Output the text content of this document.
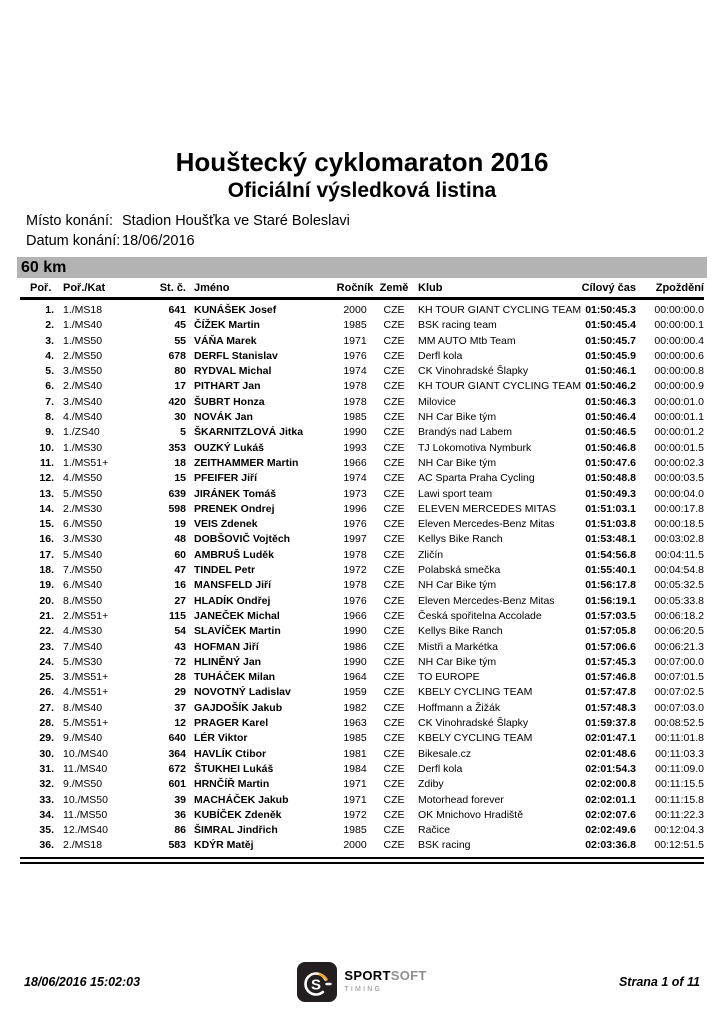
Houštecký cyklomaraton 2016
Oficiální výsledková listina
Místo konání: Stadion Houšťka ve Staré Boleslavi
Datum konání: 18/06/2016
60 km
Poř.	Poř./Kat	St. č.	Jméno	Ročník	Země	Klub	Cílový čas	Zpoždění
1.	1./MS18	641	KUNÁŠEK Josef	2000	CZE	KH TOUR GIANT CYCLING TEAM	01:50:45.3	00:00:00.0
2.	1./MS40	45	ČÍŽEK Martin	1985	CZE	BSK racing team	01:50:45.4	00:00:00.1
3.	1./MS50	55	VÁŇA Marek	1971	CZE	MM AUTO Mtb Team	01:50:45.7	00:00:00.4
4.	2./MS50	678	DERFL Stanislav	1976	CZE	Derfl kola	01:50:45.9	00:00:00.6
5.	3./MS50	80	RYDVAL Michal	1974	CZE	CK Vinohradské Šlapky	01:50:46.1	00:00:00.8
6.	2./MS40	17	PITHART Jan	1978	CZE	KH TOUR GIANT CYCLING TEAM	01:50:46.2	00:00:00.9
7.	3./MS40	420	ŠUBRT Honza	1978	CZE	Milovice	01:50:46.3	00:00:01.0
8.	4./MS40	30	NOVÁK Jan	1985	CZE	NH Car Bike tým	01:50:46.4	00:00:01.1
9.	1./ZS40	5	ŠKARNITZLOVÁ Jitka	1990	CZE	Brandýs nad Labem	01:50:46.5	00:00:01.2
10.	1./MS30	353	OUZKÝ Lukáš	1993	CZE	TJ Lokomotiva Nymburk	01:50:46.8	00:00:01.5
11.	1./MS51+	18	ZEITHAMMER Martin	1966	CZE	NH Car Bike tým	01:50:47.6	00:00:02.3
12.	4./MS50	15	PFEIFER Jiří	1974	CZE	AC Sparta Praha Cycling	01:50:48.8	00:00:03.5
13.	5./MS50	639	JIRÁNEK Tomáš	1973	CZE	Lawi sport team	01:50:49.3	00:00:04.0
14.	2./MS30	598	PRENEK Ondrej	1996	CZE	ELEVEN MERCEDES MITAS	01:51:03.1	00:00:17.8
15.	6./MS50	19	VEIS Zdenek	1976	CZE	Eleven Mercedes-Benz Mitas	01:51:03.8	00:00:18.5
16.	3./MS30	48	DOBŠOVIČ Vojtěch	1997	CZE	Kellys Bike Ranch	01:53:48.1	00:03:02.8
17.	5./MS40	60	AMBRUŠ Luděk	1978	CZE	Zličín	01:54:56.8	00:04:11.5
18.	7./MS50	47	TINDEL Petr	1972	CZE	Polabská smečka	01:55:40.1	00:04:54.8
19.	6./MS40	16	MANSFELD Jiří	1978	CZE	NH Car Bike tým	01:56:17.8	00:05:32.5
20.	8./MS50	27	HLADÍK Ondřej	1976	CZE	Eleven Mercedes-Benz Mitas	01:56:19.1	00:05:33.8
21.	2./MS51+	115	JANEČEK Michal	1966	CZE	Česká spořitelna Accolade	01:57:03.5	00:06:18.2
22.	4./MS30	54	SLAVÍČEK Martin	1990	CZE	Kellys Bike Ranch	01:57:05.8	00:06:20.5
23.	7./MS40	43	HOFMAN Jiří	1986	CZE	Mistři a Markétka	01:57:06.6	00:06:21.3
24.	5./MS30	72	HLINĚNÝ Jan	1990	CZE	NH Car Bike tým	01:57:45.3	00:07:00.0
25.	3./MS51+	28	TUHÁČEK Milan	1964	CZE	TO EUROPE	01:57:46.8	00:07:01.5
26.	4./MS51+	29	NOVOTNÝ Ladislav	1959	CZE	KBELY CYCLING TEAM	01:57:47.8	00:07:02.5
27.	8./MS40	37	GAJDOŠÍK Jakub	1982	CZE	Hoffmann a Žižák	01:57:48.3	00:07:03.0
28.	5./MS51+	12	PRAGER Karel	1963	CZE	CK Vinohradské Šlapky	01:59:37.8	00:08:52.5
29.	9./MS40	640	LÉR Viktor	1985	CZE	KBELY CYCLING TEAM	02:01:47.1	00:11:01.8
30.	10./MS40	364	HAVLÍK Ctibor	1981	CZE	Bikesale.cz	02:01:48.6	00:11:03.3
31.	11./MS40	672	ŠTUKHEI Lukáš	1984	CZE	Derfl kola	02:01:54.3	00:11:09.0
32.	9./MS50	601	HRNČÍŘ Martin	1971	CZE	Zdiby	02:02:00.8	00:11:15.5
33.	10./MS50	39	MACHÁČEK Jakub	1971	CZE	Motorhead forever	02:02:01.1	00:11:15.8
34.	11./MS50	36	KUBÍČEK Zdeněk	1972	CZE	OK Mnichovo Hradiště	02:02:07.6	00:11:22.3
35.	12./MS40	86	ŠIMRAL Jindřich	1985	CZE	Račice	02:02:49.6	00:12:04.3
36.	2./MS18	583	KDÝR Matěj	2000	CZE	BSK racing	02:03:36.8	00:12:51.5
18/06/2016 15:02:03	S
SPORTSOFT
TIMING	Strana 1 of 11
